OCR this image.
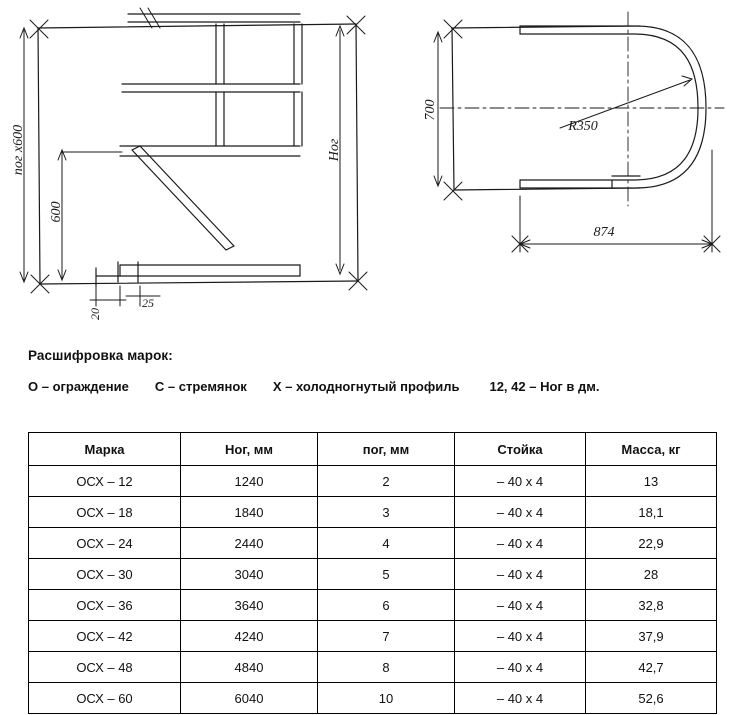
Ног
пог х600
600
20
25
700
R350
874

Расшифровка марок:

О – ограждение С – стремянок Х – холодногнутый профиль 12, 42 – Ног в дм.
Марка	Ног, мм	пог, мм	Стойка	Масса, кг
ОСХ – 12	1240	2	– 40 х 4	13
ОСХ – 18	1840	3	– 40 х 4	18,1
ОСХ – 24	2440	4	– 40 х 4	22,9
ОСХ – 30	3040	5	– 40 х 4	28
ОСХ – 36	3640	6	– 40 х 4	32,8
ОСХ – 42	4240	7	– 40 х 4	37,9
ОСХ – 48	4840	8	– 40 х 4	42,7
ОСХ – 60	6040	10	– 40 х 4	52,6
